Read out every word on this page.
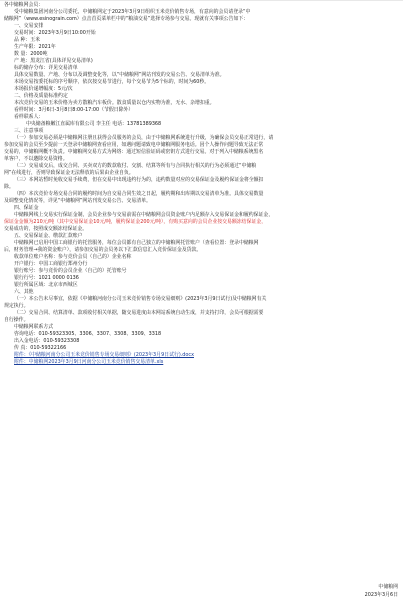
各中储粮网会员：

受中储粮集团河南分公司委托，中储粮网定于2023年3月9日组织玉米竞价销售专场，有意向的会员请登录“中

储粮网”（www.esinograin.com）点击首页菜单栏中的“粮油交易”选择专场参与交易。现就有关事项公告如下：

一、交易安排

交易时间：2023年3月9日10:00开始

品 种：玉米

生产年限：2021年

数 量：2000吨

产 地：黑龙江省(具体详见交易清单)

标的储存分布：详见交易清单

具体交易数量、产地、分布以及调整变化等，以“中储粮网”网站刊发的交易公告、交易清单为准。

本场交易按委托标的序号顺序，依次按交易节进行，每个交易节为5个标的，时间为60秒。

本场报价递增幅度：5元/次

二、价格及质量标准约定

本次竞价交易的玉米价格为卖方散粮汽车板价。散食质量以仓内实物为准，无水、杂增扣重。

看样时间：3月6日-3月8日8:00-17:00（节假日除外）

看样联系人：

中央储备粮嫩江直属库有限公司 李主任 电话：13781389368

三、注意事项

（一）参加交易必须是中储粮网注册且获得会员服务的会员，由于中储粮网系统进行升级，为确保会员交易正常进行，请

参加交易的会员至少提前一天登录中储粮网查看应用，如遇问题请致电中储粮网服务电话。因个人操作问题导致无法正常

交易的，中储粮网概不负责。中储粮网交易方式为网络：通过短信验证码或密钥方式进行交易。对于列入中储粮系统黑名

单客户，不以邀除交易资格。

（二）交易成交后，成交合同、买卖双方的数款收付、交割、结算等所有与合同执行相关的行为必须通过“中储粮

网”在线进行，否则导致保证金无法释放的后果由企业自负。

（三）本网站暂时免收交易手续费，但在交易中出现违约行为的，违约数量对应的交易保证金及履约保证金将全额扣

除。

（四）本次竞价专场交易合同的履约时间为自交易合同生效之日起，履约期和出库期以交易清单为准。具体交易数量

及调整变化情况等，详见“中储粮网”网站刊发交易公告、交易清单。

四、保证金

中储粮网线上交易实行保证金制，会员企业参与交易前需在中储粮网会员资金账户内足额存入交易保证金和履约保证金，

保证金金额为210元/吨（其中交易保证金10元/吨，履约保证金200元/吨），有购买意向的会员企业按交易额冻结保证金，

交易成功的，按照成交额冻结保证金。

五、交易保证金、缴款汇款账户

中储粮网已启用中国工商银行的托管服务，每位会员都有自己独立的中储粮网托管账户（查看位置：登录中储粮网

后，财务管理→我的资金账户），请参加交易的会员务以下汇款信息汇入竞价保证金及货款。

收款单位账户名称：参与竞价会员（自己的）企业名称

开户银行：中国工商银行郑州分行

银行账号：参与竞价的会员企业（自己的）托管账号

银行行号：1021 0000 0136

银行所属区域：北京市西城区

六、其他

（一）本公告未尽事宜，依据《中储粮河南分公司玉米竞价销售专场交易细则》(2023年3月9日试行)及中储粮网有关

规定执行。

（二）交易合同、结算清单、款项收付相关单据，随交易进度由本网站系统自动生成，并支持打印，会员可根据需要

自行操作。

中储粮网联系方式

咨询电话：010-59323305、3306、3307、3308、3309、3318

出入金电话：010-59323308

传 真：010-59322166

附件：《中储粮河南分公司玉米竞价销售专场交易细则》(2023年3月9日试行).docx

附件：中储粮网2023年3月9日河南分公司玉米竞价销售交易清单.xls

中储粮网
2023年3月6日
